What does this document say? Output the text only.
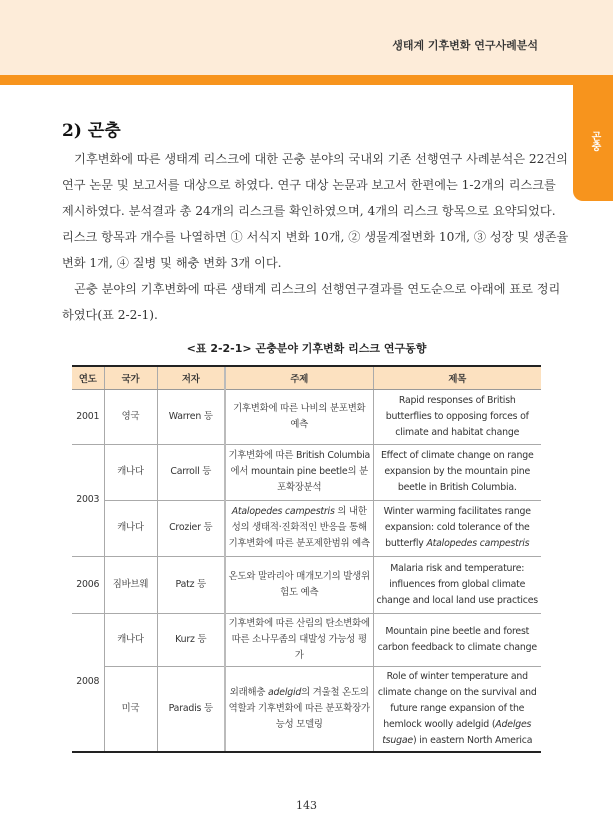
생태계 기후변화 연구사례분석
곤충
2) 곤충
　기후변화에 따른 생태계 리스크에 대한 곤충 분야의 국내외 기존 선행연구 사례분석은 22건의
연구 논문 및 보고서를 대상으로 하였다. 연구 대상 논문과 보고서 한편에는 1-2개의 리스크를
제시하였다. 분석결과 총 24개의 리스크를 확인하였으며, 4개의 리스크 항목으로 요약되었다.
리스크 항목과 개수를 나열하면 ① 서식지 변화 10개, ② 생물계절변화 10개, ③ 성장 및 생존율
변화 1개, ④ 질병 및 해충 변화 3개 이다.
　곤충 분야의 기후변화에 따른 생태계 리스크의 선행연구결과를 연도순으로 아래에 표로 정리
하였다(표 2-2-1).
<표 2-2-1> 곤충분야 기후변화 리스크 연구동향
연도	국가	저자	주제	제목
2001	영국	Warren 등	기후변화에 따른 나비의 분포변화 예측	Rapid responses of British butterflies to opposing forces of climate and habitat change
2003	캐나다	Carroll 등	기후변화에 따른 British Columbia 에서 mountain pine beetle의 분포확장분석	Effect of climate change on range expansion by the mountain pine beetle in British Columbia.
	캐나다	Crozier 등	Atalopedes campestris 의 내한성의 생태적·진화적인 반응을 통해 기후변화에 따른 분포제한범위 예측	Winter warming facilitates range expansion: cold tolerance of the butterfly Atalopedes campestris
2006	짐바브웨	Patz 등	온도와 말라리아 매개모기의 발생위험도 예측	Malaria risk and temperature: influences from global climate change and local land use practices
2008	캐나다	Kurz 등	기후변화에 따른 산림의 탄소변화에 따른 소나무좀의 대발성 가능성 평가	Mountain pine beetle and forest carbon feedback to climate change
	미국	Paradis 등	외래해충 adelgid의 겨울철 온도의 역할과 기후변화에 따른 분포확장가능성 모델링	Role of winter temperature and climate change on the survival and future range expansion of the hemlock woolly adelgid (Adelges tsugae) in eastern North America
143
